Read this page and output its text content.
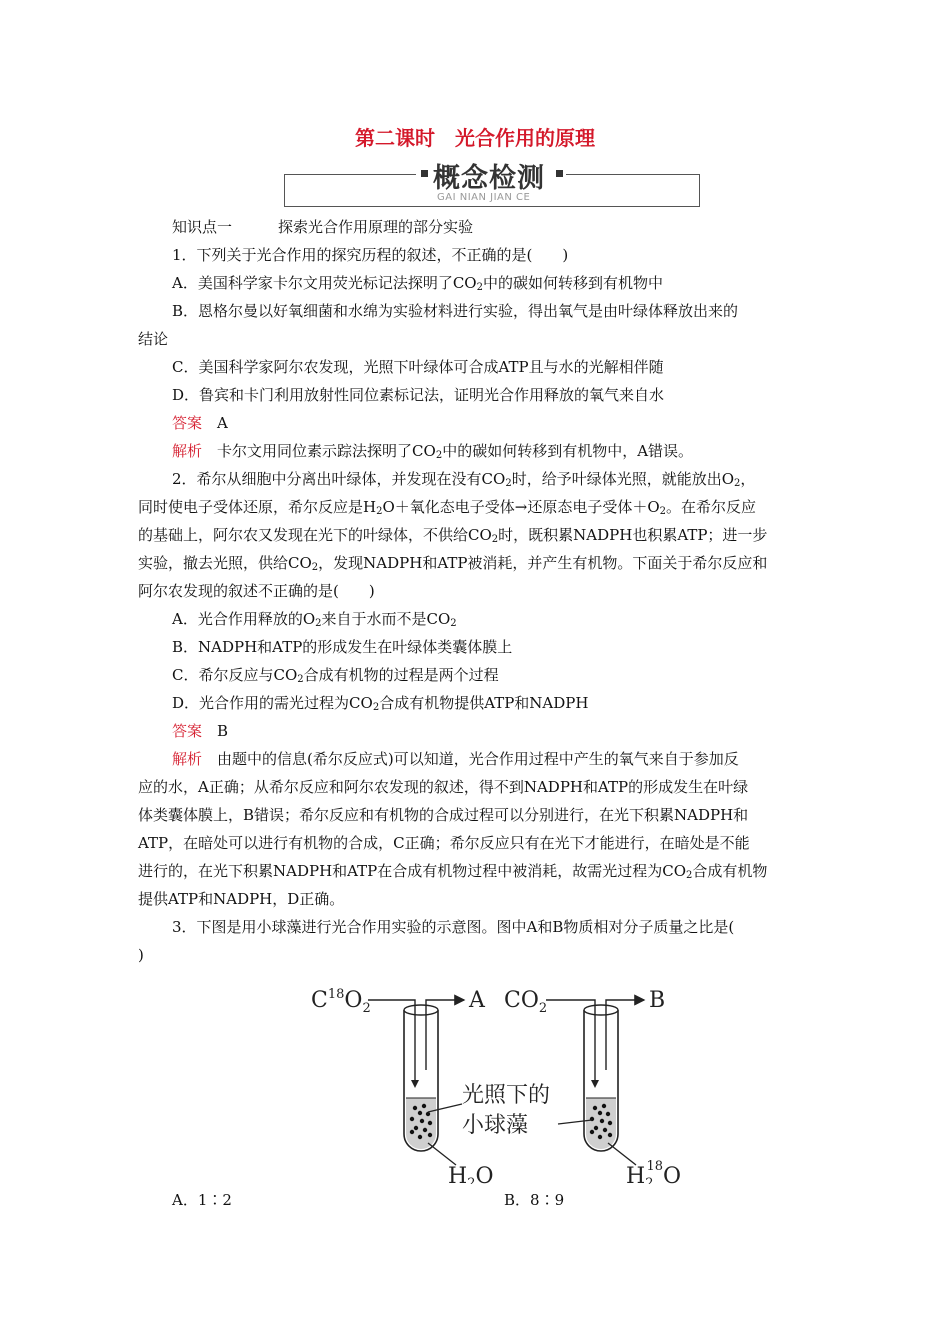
第二课时　光合作用的原理
概念检测
GAI NIAN JIAN CE
知识点一	探索光合作用原理的部分实验
1．下列关于光合作用的探究历程的叙述，不正确的是(　　)
A．美国科学家卡尔文用荧光标记法探明了$CO_2$中的碳如何转移到有机物中
B．恩格尔曼以好氧细菌和水绵为实验材料进行实验，得出氧气是由叶绿体释放出来的
结论
C．美国科学家阿尔农发现，光照下叶绿体可合成ATP且与水的光解相伴随
D．鲁宾和卡门利用放射性同位素标记法，证明光合作用释放的氧气来自水
答案　 A
解析　 卡尔文用同位素示踪法探明了$CO_2$中的碳如何转移到有机物中，A错误。
2．希尔从细胞中分离出叶绿体，并发现在没有$CO_2$时，给予叶绿体光照，就能放出$O_2$，
同时使电子受体还原，希尔反应是$H_2O+$氧化态电子受体→还原态电子受体$+O_2$。在希尔反应
的基础上，阿尔农又发现在光下的叶绿体，不供给$CO_2$时，既积累NADPH也积累ATP；进一步
实验，撤去光照，供给$CO_2$，发现NADPH和ATP被消耗，并产生有机物。下面关于希尔反应和
阿尔农发现的叙述不正确的是(　　)
A．光合作用释放的$O_2$来自于水而不是$CO_2$
B．NADPH和ATP的形成发生在叶绿体类囊体膜上
C．希尔反应与$CO_2$合成有机物的过程是两个过程
D．光合作用的需光过程为$CO_2$合成有机物提供ATP和NADPH
答案　 B
解析　 由题中的信息(希尔反应式)可以知道，光合作用过程中产生的氧气来自于参加反
应的水，A正确；从希尔反应和阿尔农发现的叙述，得不到NADPH和ATP的形成发生在叶绿
体类囊体膜上，B错误；希尔反应和有机物的合成过程可以分别进行，在光下积累NADPH和
ATP，在暗处可以进行有机物的合成，C正确；希尔反应只有在光下才能进行，在暗处是不能
进行的，在光下积累NADPH和ATP在合成有机物过程中被消耗，故需光过程为$CO_2$合成有机物
提供ATP和NADPH，D正确。
3．下图是用小球藻进行光合作用实验的示意图。图中A和B物质相对分子质量之比是(
)
$C^{18}O_2$	A
H2O
$CO_2$	B
H218O
光照下的
小球藻
A．1∶2	B．8∶9
